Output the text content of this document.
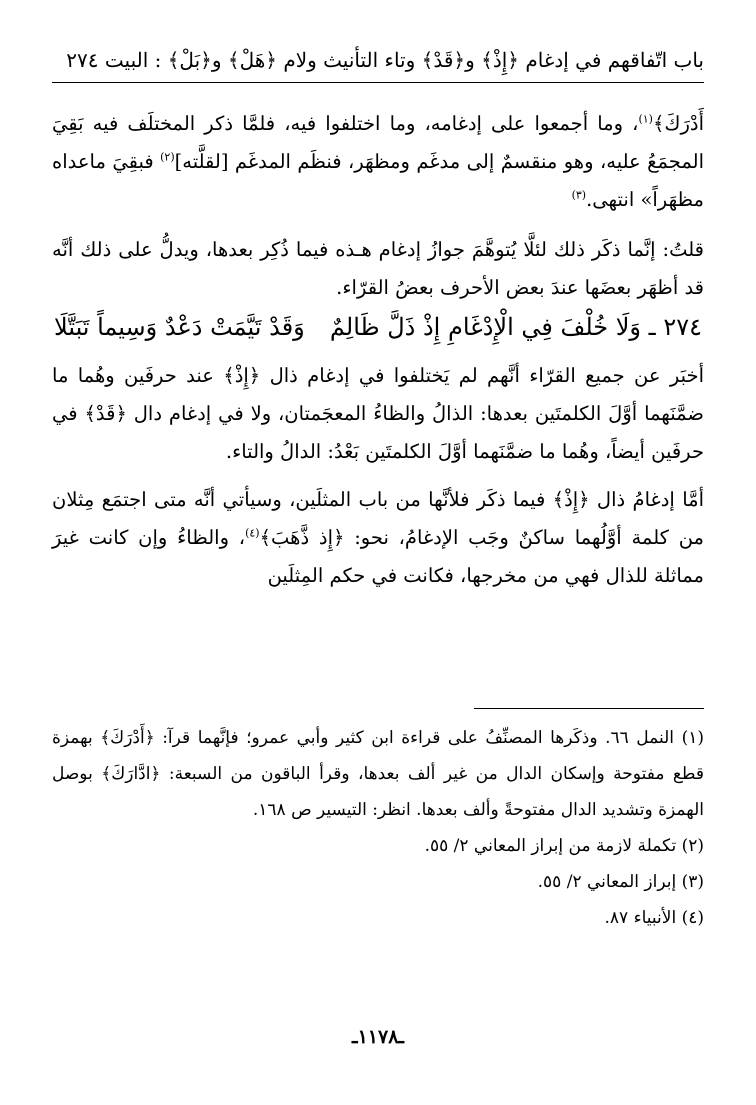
باب اتّفاقهم في إدغام ﴿إِذْ﴾ و﴿قَدْ﴾ وتاء التأنيث ولام ﴿هَلْ﴾ و﴿بَلْ﴾ : البيت ٢٧٤

أَدْرَكَ﴾$^{(١)}$، وما أجمعوا على إدغامه، وما اختلفوا فيه، فلمَّا ذكر المختلَف فيه بَقِيَ المجمَعُ عليه، وهو منقسمٌ إلى مدغَم ومظهَر، فنظَم المدغَم [لقلَّته]$^{(٢)}$ فبقِيَ ماعداه مظهَراً» انتهى.$^{(٣)}$

قلتُ: إنَّما ذكَر ذلك لئلَّا يُتوهَّمَ جوازُ إدغام هـذه فيما ذُكِر بعدها، ويدلُّ على ذلك أنَّه قد أظهَر بعضَها عندَ بعض الأحرف بعضُ القرّاء.

٢٧٤ ـ وَلَا خُلْفَ فِي الْإِدْغَامِ إِذْ ذَلَّ ظَالِمٌ
وَقَدْ تَيَّمَتْ دَعْدٌ وَسِيماً تَبَتَّلَا

أخبَر عن جميع القرّاء أنَّهم لم يَختلفوا في إدغام ذال ﴿إِذْ﴾ عند حرفَين وهُما ما ضمَّنَهما أوَّلَ الكلمتَين بعدها: الذالُ والظاءُ المعجَمتان، ولا في إدغام دال ﴿قَدْ﴾ في حرفَين أيضاً، وهُما ما ضمَّنَهما أوَّلَ الكلمتَين بَعْدُ: الدالُ والتاء.

أمَّا إدغامُ ذال ﴿إِذْ﴾ فيما ذكَر فلأنَّها من باب المثلَين، وسيأتي أنَّه متى اجتمَع مِثلان من كلمة أوَّلُهما ساكنٌ وجَب الإدغامُ، نحو: ﴿إِذ ذَّهَبَ﴾$^{(٤)}$، والظاءُ وإن كانت غيرَ مماثلة للذال فهي من مخرجها، فكانت في حكم المِثلَين

(١) النمل ٦٦. وذكَرها المصنِّفُ على قراءة ابن كثير وأبي عمرو؛ فإنَّهما قرآ: ﴿أَدْرَكَ﴾ بهمزة قطع مفتوحة وإسكان الدال من غير ألف بعدها، وقرأ الباقون من السبعة: ﴿ادَّارَكَ﴾ بوصل الهمزة وتشديد الدال مفتوحةً وألف بعدها. انظر: التيسير ص ١٦٨.

(٢) تكملة لازمة من إبراز المعاني ٢/ ٥٥.

(٣) إبراز المعاني ٢/ ٥٥.

(٤) الأنبياء ٨٧.

ـ١١٧٨ـ
